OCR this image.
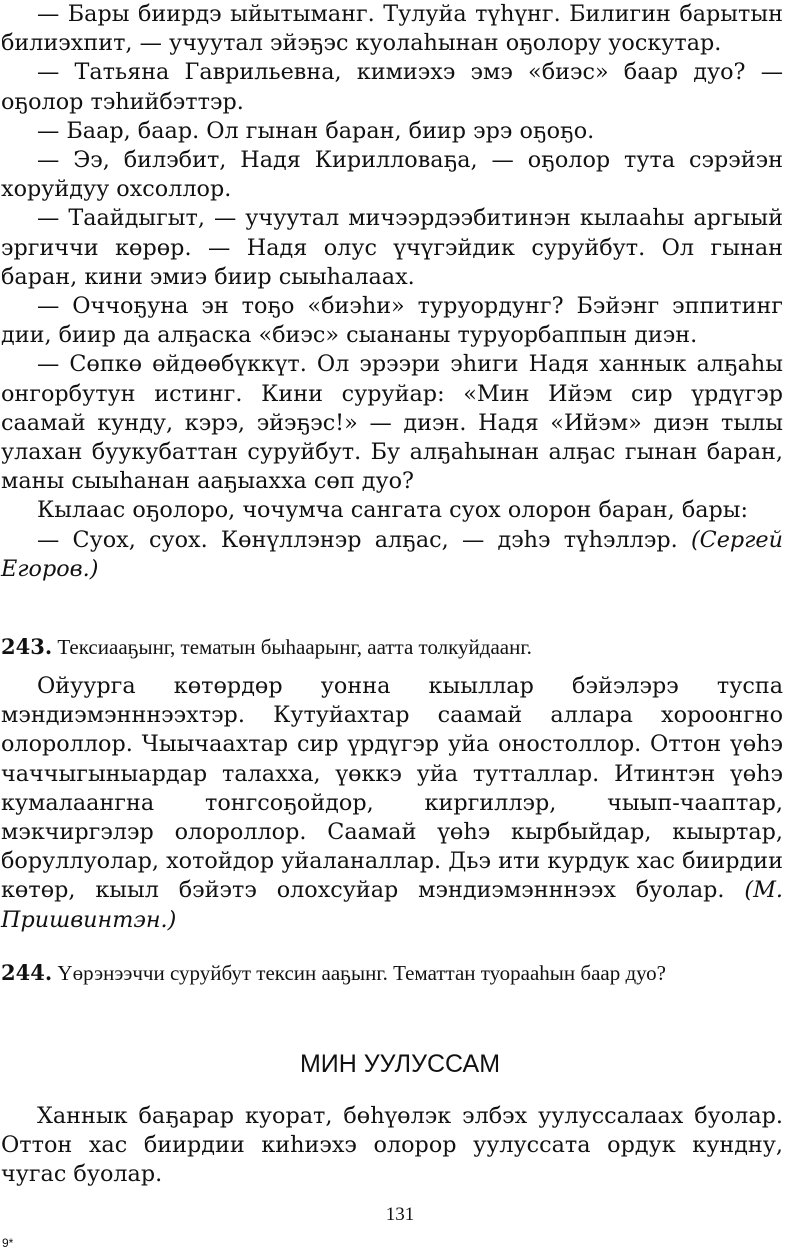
— Бары биирдэ ыйытыманг. Тулуйа түhүнг. Билигин барытын билиэхпит, — учуутал эйэҕэс куолаhынан оҕолору уоскутар.

— Татьяна Гаврильевна, кимиэхэ эмэ «биэс» баар дуо? — оҕолор тэhийбэттэр.

— Баар, баар. Ол гынан баран, биир эрэ оҕоҕо.

— Ээ, билэбит, Надя Кирилловаҕа, — оҕолор тута сэрэйэн хоруйдуу охсоллор.

— Таайдыгыт, — учуутал мичээрдээбитинэн кылааhы аргыый эргиччи көрөр. — Надя олус үчүгэйдик суруйбут. Ол гынан баран, кини эмиэ биир сыыhалаах.

— Оччоҕуна эн тоҕо «биэhи» туруордунг? Бэйэнг эппитинг дии, биир да алҕаска «биэс» сыананы туруорбаппын диэн.

— Сөпкө өйдөөбүккүт. Ол эрээри эhиги Надя ханнык алҕаhы онгорбутун истинг. Кини суруйар: «Мин Ийэм сир үрдүгэр саамай кунду, кэрэ, эйэҕэс!» — диэн. Надя «Ийэм» диэн тылы улахан буукубаттан суруйбут. Бу алҕаhынан алҕас гынан баран, маны сыыhанан ааҕыахха сөп дуо?

Кылаас оҕолоро, чочумча сангата суох олорон баран, бары:

— Суох, суох. Көнүллэнэр алҕас, — дэhэ түhэллэр. (Сергей Егоров.)

243. Тексиааҕынг, тематын быhаарынг, аатта толкуйдаанг.

Ойуурга көтөрдөр уонна кыыллар бэйэлэрэ туспа мэндиэмэнннээхтэр. Кутуйахтар саамай аллара хороонгно олороллор. Чыычаахтар сир үрдүгэр уйа оностоллор. Оттон үөhэ чаччыгыныардар талахха, үөккэ уйа тутталлар. Итинтэн үөhэ кумалаангна тонгсоҕойдор, киргиллэр, чыып-чааптар, мэкчиргэлэр олороллор. Саамай үөhэ кырбыйдар, кыыртар, боруллуолар, хотойдор уйаланаллар. Дьэ ити курдук хас биирдии көтөр, кыыл бэйэтэ олохсуйар мэндиэмэнннээх буолар. (М. Пришвинтэн.)

244. Үөрэнээччи суруйбут тексин ааҕынг. Тематтан туорааhын баар дуо?

МИН УУЛУССАМ

Ханнык баҕарар куорат, бөhүөлэк элбэх уулуссалаах буолар. Оттон хас биирдии киhиэхэ олорор уулуссата ордук кундну, чугас буолар.

131

9*
